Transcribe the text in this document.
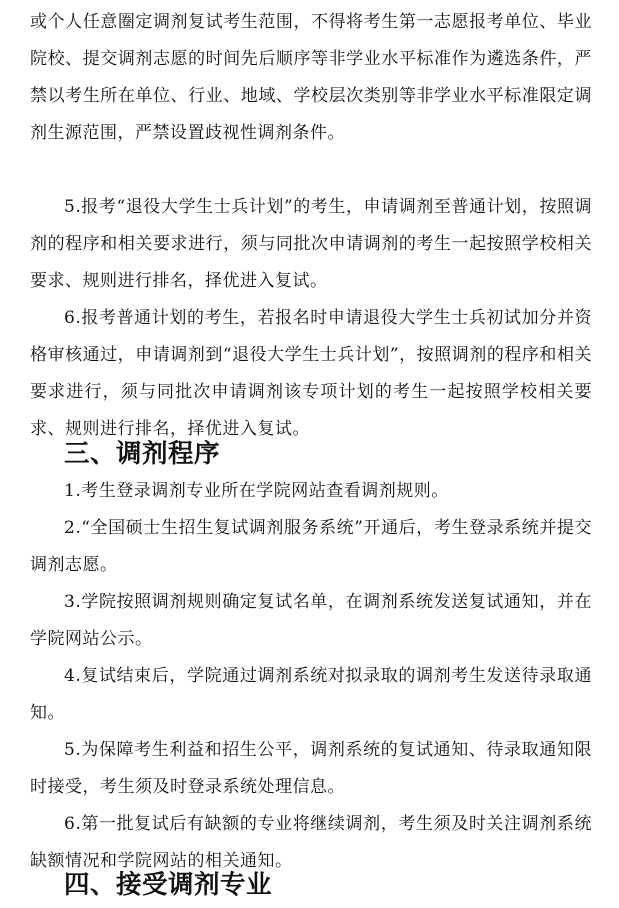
或个人任意圈定调剂复试考生范围，不得将考生第一志愿报考单位、毕业院校、提交调剂志愿的时间先后顺序等非学业水平标准作为遴选条件，严禁以考生所在单位、行业、地域、学校层次类别等非学业水平标准限定调剂生源范围，严禁设置歧视性调剂条件。

5.报考“退役大学生士兵计划”的考生，申请调剂至普通计划，按照调剂的程序和相关要求进行，须与同批次申请调剂的考生一起按照学校相关要求、规则进行排名，择优进入复试。

6.报考普通计划的考生，若报名时申请退役大学生士兵初试加分并资格审核通过，申请调剂到“退役大学生士兵计划”，按照调剂的程序和相关要求进行，须与同批次申请调剂该专项计划的考生一起按照学校相关要求、规则进行排名，择优进入复试。

三、调剂程序

1.考生登录调剂专业所在学院网站查看调剂规则。

2.“全国硕士生招生复试调剂服务系统”开通后，考生登录系统并提交调剂志愿。

3.学院按照调剂规则确定复试名单，在调剂系统发送复试通知，并在学院网站公示。

4.复试结束后，学院通过调剂系统对拟录取的调剂考生发送待录取通知。

5.为保障考生利益和招生公平，调剂系统的复试通知、待录取通知限时接受，考生须及时登录系统处理信息。

6.第一批复试后有缺额的专业将继续调剂，考生须及时关注调剂系统缺额情况和学院网站的相关通知。

四、接受调剂专业
